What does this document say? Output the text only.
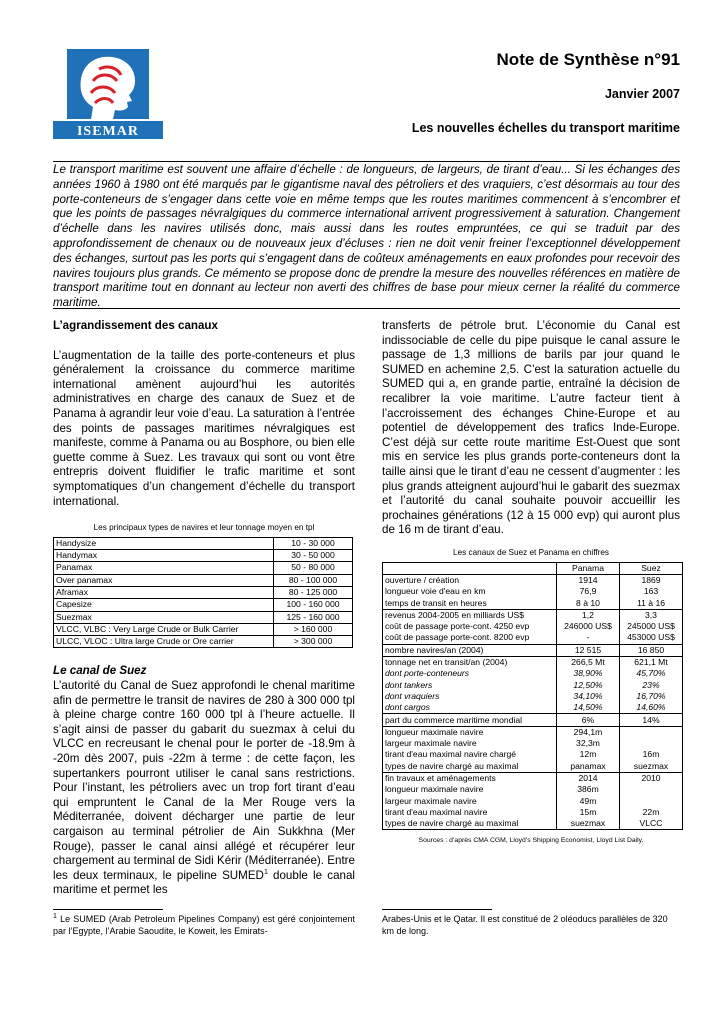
ISEMAR
Note de Synthèse n°91
Janvier 2007
Les nouvelles échelles du transport maritime

Le transport maritime est souvent une affaire d’échelle : de longueurs, de largeurs, de tirant d’eau... Si les échanges des années 1960 à 1980 ont été marqués par le gigantisme naval des pétroliers et des vraquiers, c’est désormais au tour des porte-conteneurs de s’engager dans cette voie en même temps que les routes maritimes commencent à s’encombrer et que les points de passages névralgiques du commerce international arrivent progressivement à saturation. Changement d’échelle dans les navires utilisés donc, mais aussi dans les routes empruntées, ce qui se traduit par des approfondissement de chenaux ou de nouveaux jeux d’écluses : rien ne doit venir freiner l’exceptionnel développement des échanges, surtout pas les ports qui s’engagent dans de coûteux aménagements en eaux profondes pour recevoir des navires toujours plus grands. Ce mémento se propose donc de prendre la mesure des nouvelles références en matière de transport maritime tout en donnant au lecteur non averti des chiffres de base pour mieux cerner la réalité du commerce maritime.

L’agrandissement des canaux

L’augmentation de la taille des porte-conteneurs et plus généralement la croissance du commerce maritime international amènent aujourd’hui les autorités administratives en charge des canaux de Suez et de Panama à agrandir leur voie d’eau. La saturation à l’entrée des points de passages maritimes névralgiques est manifeste, comme à Panama ou au Bosphore, ou bien elle guette comme à Suez. Les travaux qui sont ou vont être entrepris doivent fluidifier le trafic maritime et sont symptomatiques d’un changement d’échelle du transport international.

Les principaux types de navires et leur tonnage moyen en tpl
Handysize	10 - 30 000
Handymax	30 - 50 000
Panamax	50 - 80 000
Over panamax	80 - 100 000
Aframax	80 - 125 000
Capesize	100 - 160 000
Suezmax	125 - 160 000
VLCC, VLBC : Very Large Crude or Bulk Carrier	> 160 000
ULCC, VLOC : Ultra large Crude or Ore carrier	> 300 000

Le canal de Suez

L’autorité du Canal de Suez approfondi le chenal maritime afin de permettre le transit de navires de 280 à 300 000 tpl à pleine charge contre 160 000 tpl à l’heure actuelle. Il s’agit ainsi de passer du gabarit du suezmax à celui du VLCC en recreusant le chenal pour le porter de -18.9m à -20m dès 2007, puis -22m à terme : de cette façon, les supertankers pourront utiliser le canal sans restrictions. Pour l’instant, les pétroliers avec un trop fort tirant d’eau qui empruntent le Canal de la Mer Rouge vers la Méditerranée, doivent décharger une partie de leur cargaison au terminal pétrolier de Ain Sukkhna (Mer Rouge), passer le canal ainsi allégé et récupérer leur chargement au terminal de Sidi Kérir (Méditerranée). Entre les deux terminaux, le pipeline SUMED$^1$ double le canal maritime et permet les

transferts de pétrole brut. L’économie du Canal est indissociable de celle du pipe puisque le canal assure le passage de 1,3 millions de barils par jour quand le SUMED en achemine 2,5. C’est la saturation actuelle du SUMED qui a, en grande partie, entraîné la décision de recalibrer la voie maritime. L’autre facteur tient à l’accroissement des échanges Chine-Europe et au potentiel de développement des trafics Inde-Europe. C’est déjà sur cette route maritime Est-Ouest que sont mis en service les plus grands porte-conteneurs dont la taille ainsi que le tirant d’eau ne cessent d’augmenter : les plus grands atteignent aujourd’hui le gabarit des suezmax et l’autorité du canal souhaite pouvoir accueillir les prochaines générations (12 à 15 000 evp) qui auront plus de 16 m de tirant d’eau.

Les canaux de Suez et Panama en chiffres
	Panama	Suez
ouverture / création	1914	1869
longueur voie d'eau en km	76,9	163
temps de transit en heures	8 à 10	11 à 16
revenus 2004-2005 en milliards US$	1,2	3,3
coût de passage porte-cont. 4250 evp	246000 US$	245000 US$
coût de passage porte-cont. 8200 evp	-	453000 US$
nombre navires/an (2004)	12 515	16 850
tonnage net en transit/an (2004)	266,5 Mt	621,1 Mt
dont porte-conteneurs	38,90%	45,70%
dont tankers	12,50%	23%
dont vraquiers	34,10%	16,70%
dont cargos	14,50%	14,60%
part du commerce maritime mondial	6%	14%
longueur maximale navire	294,1m	
largeur maximale navire	32,3m	
tirant d'eau maximal navire chargé	12m	16m
types de navire chargé au maximal	panamax	suezmax
fin travaux et aménagements	2014	2010
longueur maximale navire	386m	
largeur maximale navire	49m	
tirant d'eau maximal navire	15m	22m
types de navire chargé au maximal	suezmax	VLCC
Sources : d’après CMA CGM, Lloyd’s Shipping Economist, Lloyd List Daily.
$^1$ Le SUMED (Arab Petroleum Pipelines Company) est géré conjointement par l’Egypte, l’Arabie Saoudite, le Koweit, les Emirats-
Arabes-Unis et le Qatar. Il est constitué de 2 oléoducs parallèles de 320 km de long.
